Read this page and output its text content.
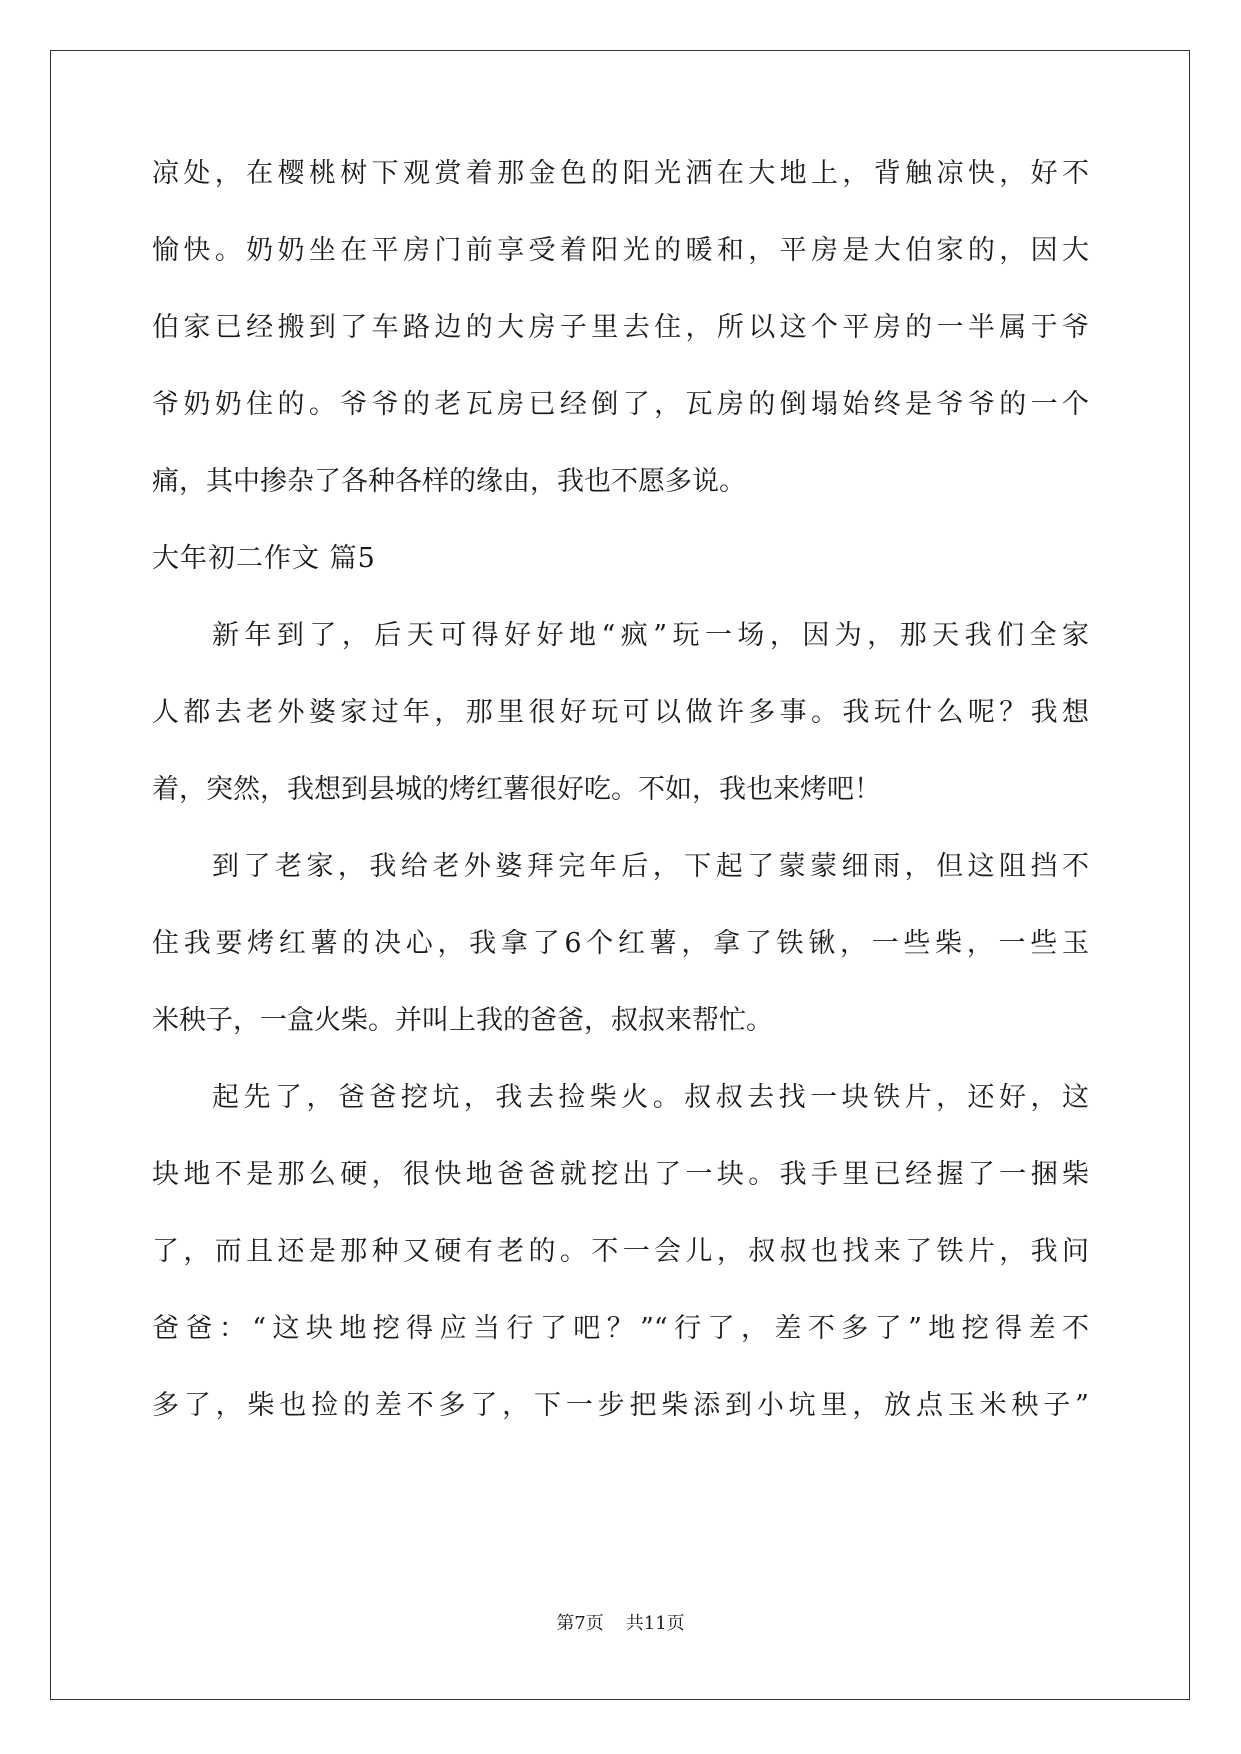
凉处，在樱桃树下观赏着那金色的阳光洒在大地上，背触凉快，好不
愉快。奶奶坐在平房门前享受着阳光的暖和，平房是大伯家的，因大
伯家已经搬到了车路边的大房子里去住，所以这个平房的一半属于爷
爷奶奶住的。爷爷的老瓦房已经倒了，瓦房的倒塌始终是爷爷的一个
痛，其中掺杂了各种各样的缘由，我也不愿多说。
大年初二作文 篇5
新年到了，后天可得好好地“疯”玩一场，因为，那天我们全家
人都去老外婆家过年，那里很好玩可以做许多事。我玩什么呢？我想
着，突然，我想到县城的烤红薯很好吃。不如，我也来烤吧！
到了老家，我给老外婆拜完年后，下起了蒙蒙细雨，但这阻挡不
住我要烤红薯的决心，我拿了6个红薯，拿了铁锹，一些柴，一些玉
米秧子，一盒火柴。并叫上我的爸爸，叔叔来帮忙。
起先了，爸爸挖坑，我去捡柴火。叔叔去找一块铁片，还好，这
块地不是那么硬，很快地爸爸就挖出了一块。我手里已经握了一捆柴
了，而且还是那种又硬有老的。不一会儿，叔叔也找来了铁片，我问
爸爸：“这块地挖得应当行了吧？”“行了，差不多了”地挖得差不
多了，柴也捡的差不多了，下一步把柴添到小坑里，放点玉米秧子”
第7页 共11页
